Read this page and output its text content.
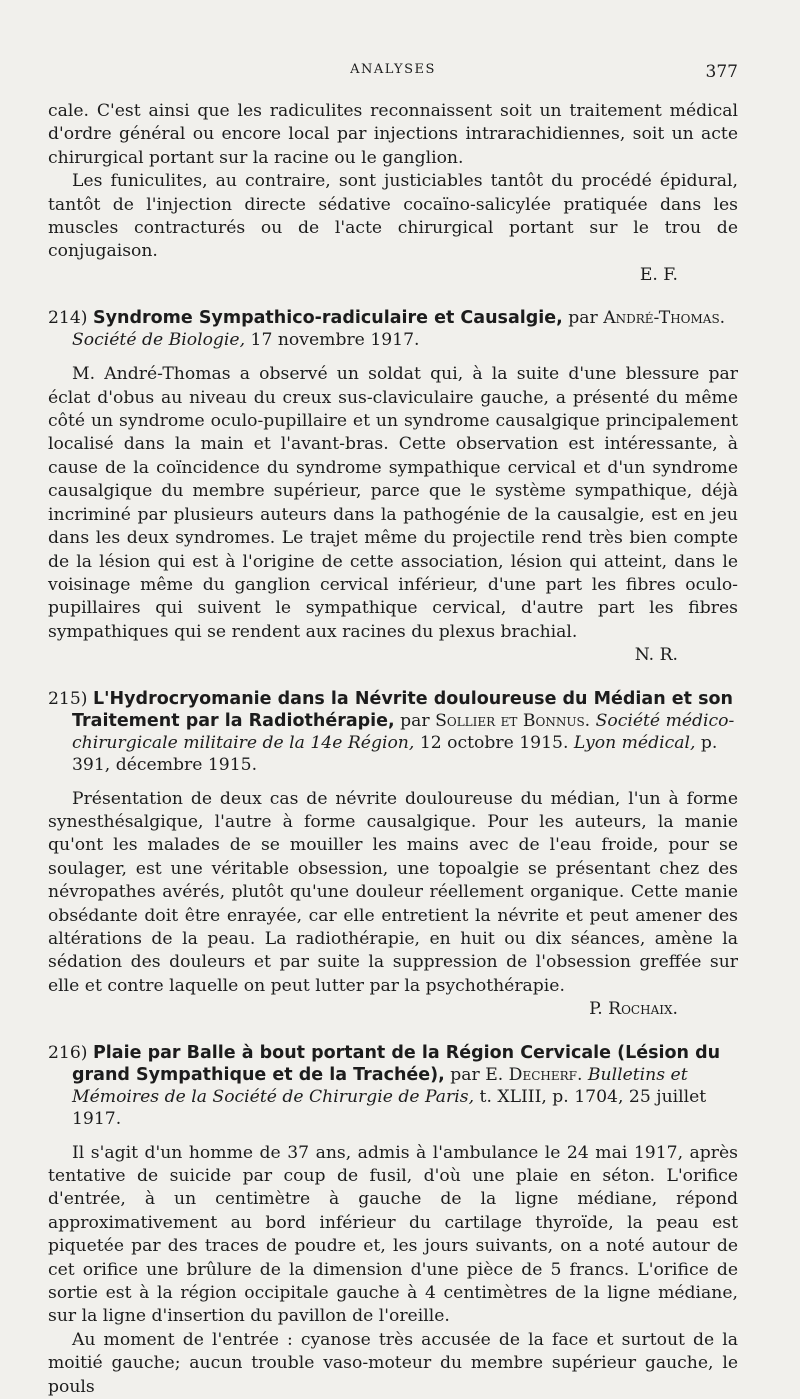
ANALYSES	377

cale. C'est ainsi que les radiculites reconnaissent soit un traitement médical d'ordre général ou encore local par injections intrarachidiennes, soit un acte chirurgical portant sur la racine ou le ganglion.

Les funiculites, au contraire, sont justiciables tantôt du procédé épidural, tantôt de l'injection directe sédative cocaïno-salicylée pratiquée dans les muscles contracturés ou de l'acte chirurgical portant sur le trou de conjugaison.

E. F.

214) Syndrome Sympathico-radiculaire et Causalgie, par André-Thomas. Société de Biologie, 17 novembre 1917.

M. André-Thomas a observé un soldat qui, à la suite d'une blessure par éclat d'obus au niveau du creux sus-claviculaire gauche, a présenté du même côté un syndrome oculo-pupillaire et un syndrome causalgique principalement localisé dans la main et l'avant-bras. Cette observation est intéressante, à cause de la coïncidence du syndrome sympathique cervical et d'un syndrome causalgique du membre supérieur, parce que le système sympathique, déjà incriminé par plusieurs auteurs dans la pathogénie de la causalgie, est en jeu dans les deux syndromes. Le trajet même du projectile rend très bien compte de la lésion qui est à l'origine de cette association, lésion qui atteint, dans le voisinage même du ganglion cervical inférieur, d'une part les fibres oculo-pupillaires qui suivent le sympathique cervical, d'autre part les fibres sympathiques qui se rendent aux racines du plexus brachial.

N. R.

215) L'Hydrocryomanie dans la Névrite douloureuse du Médian et son Traitement par la Radiothérapie, par Sollier et Bonnus. Société médico-chirurgicale militaire de la 14e Région, 12 octobre 1915. Lyon médical, p. 391, décembre 1915.

Présentation de deux cas de névrite douloureuse du médian, l'un à forme synesthésalgique, l'autre à forme causalgique. Pour les auteurs, la manie qu'ont les malades de se mouiller les mains avec de l'eau froide, pour se soulager, est une véritable obsession, une topoalgie se présentant chez des névropathes avérés, plutôt qu'une douleur réellement organique. Cette manie obsédante doit être enrayée, car elle entretient la névrite et peut amener des altérations de la peau. La radiothérapie, en huit ou dix séances, amène la sédation des douleurs et par suite la suppression de l'obsession greffée sur elle et contre laquelle on peut lutter par la psychothérapie.

P. Rochaix.

216) Plaie par Balle à bout portant de la Région Cervicale (Lésion du grand Sympathique et de la Trachée), par E. Decherf. Bulletins et Mémoires de la Société de Chirurgie de Paris, t. XLIII, p. 1704, 25 juillet 1917.

Il s'agit d'un homme de 37 ans, admis à l'ambulance le 24 mai 1917, après tentative de suicide par coup de fusil, d'où une plaie en séton. L'orifice d'entrée, à un centimètre à gauche de la ligne médiane, répond approximativement au bord inférieur du cartilage thyroïde, la peau est piquetée par des traces de poudre et, les jours suivants, on a noté autour de cet orifice une brûlure de la dimension d'une pièce de 5 francs. L'orifice de sortie est à la région occipitale gauche à 4 centimètres de la ligne médiane, sur la ligne d'insertion du pavillon de l'oreille.

Au moment de l'entrée : cyanose très accusée de la face et surtout de la moitié gauche; aucun trouble vaso-moteur du membre supérieur gauche, le pouls
